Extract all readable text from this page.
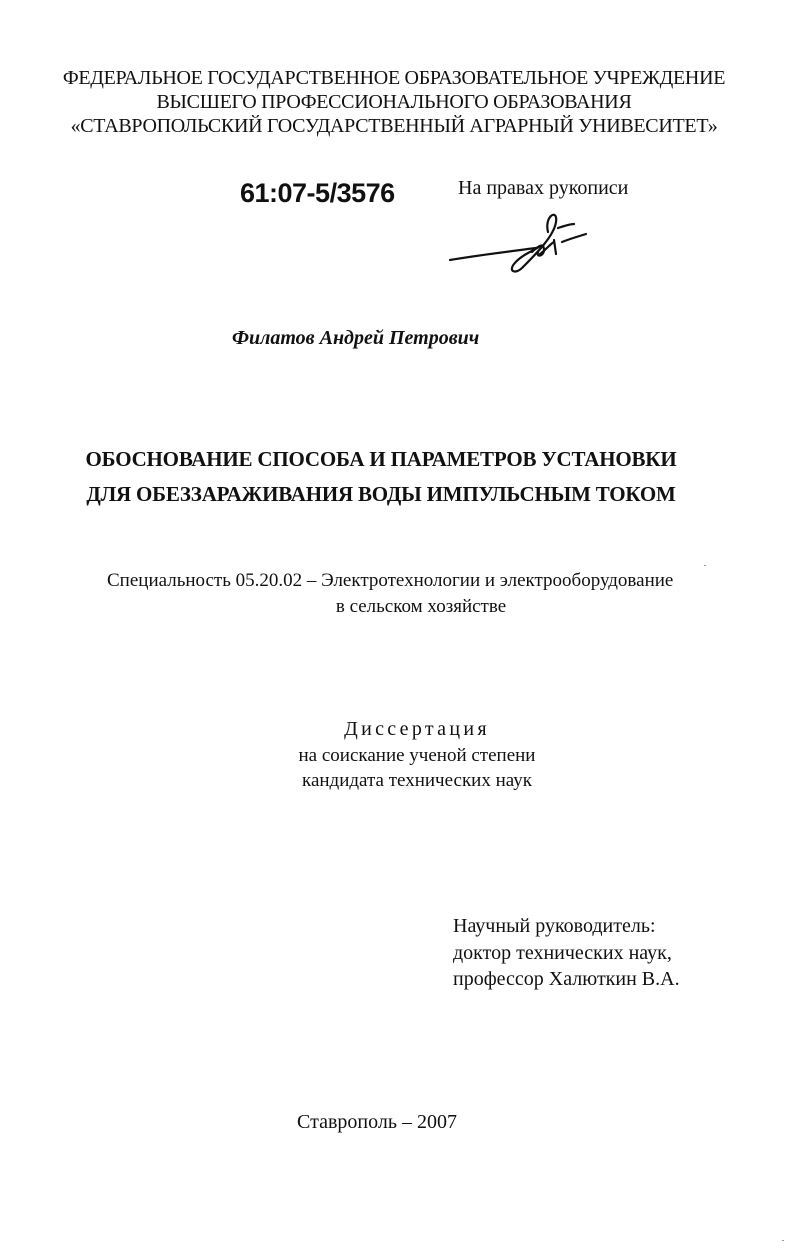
ФЕДЕРАЛЬНОЕ ГОСУДАРСТВЕННОЕ ОБРАЗОВАТЕЛЬНОЕ УЧРЕЖДЕНИЕ

ВЫСШЕГО ПРОФЕССИОНАЛЬНОГО ОБРАЗОВАНИЯ

«СТАВРОПОЛЬСКИЙ ГОСУДАРСТВЕННЫЙ АГРАРНЫЙ УНИВЕСИТЕТ»

61:07-5/3576	На правах рукописи

Филатов Андрей Петрович

ОБОСНОВАНИЕ СПОСОБА И ПАРАМЕТРОВ УСТАНОВКИ

ДЛЯ ОБЕЗЗАРАЖИВАНИЯ ВОДЫ ИМПУЛЬСНЫМ ТОКОМ

Специальность 05.20.02 – Электротехнологии и электрооборудование

в сельском хозяйстве

Диссертация

на соискание ученой степени

кандидата технических наук

Научный руководитель:

доктор технических наук,

профессор Халюткин В.А.

Ставрополь – 2007
